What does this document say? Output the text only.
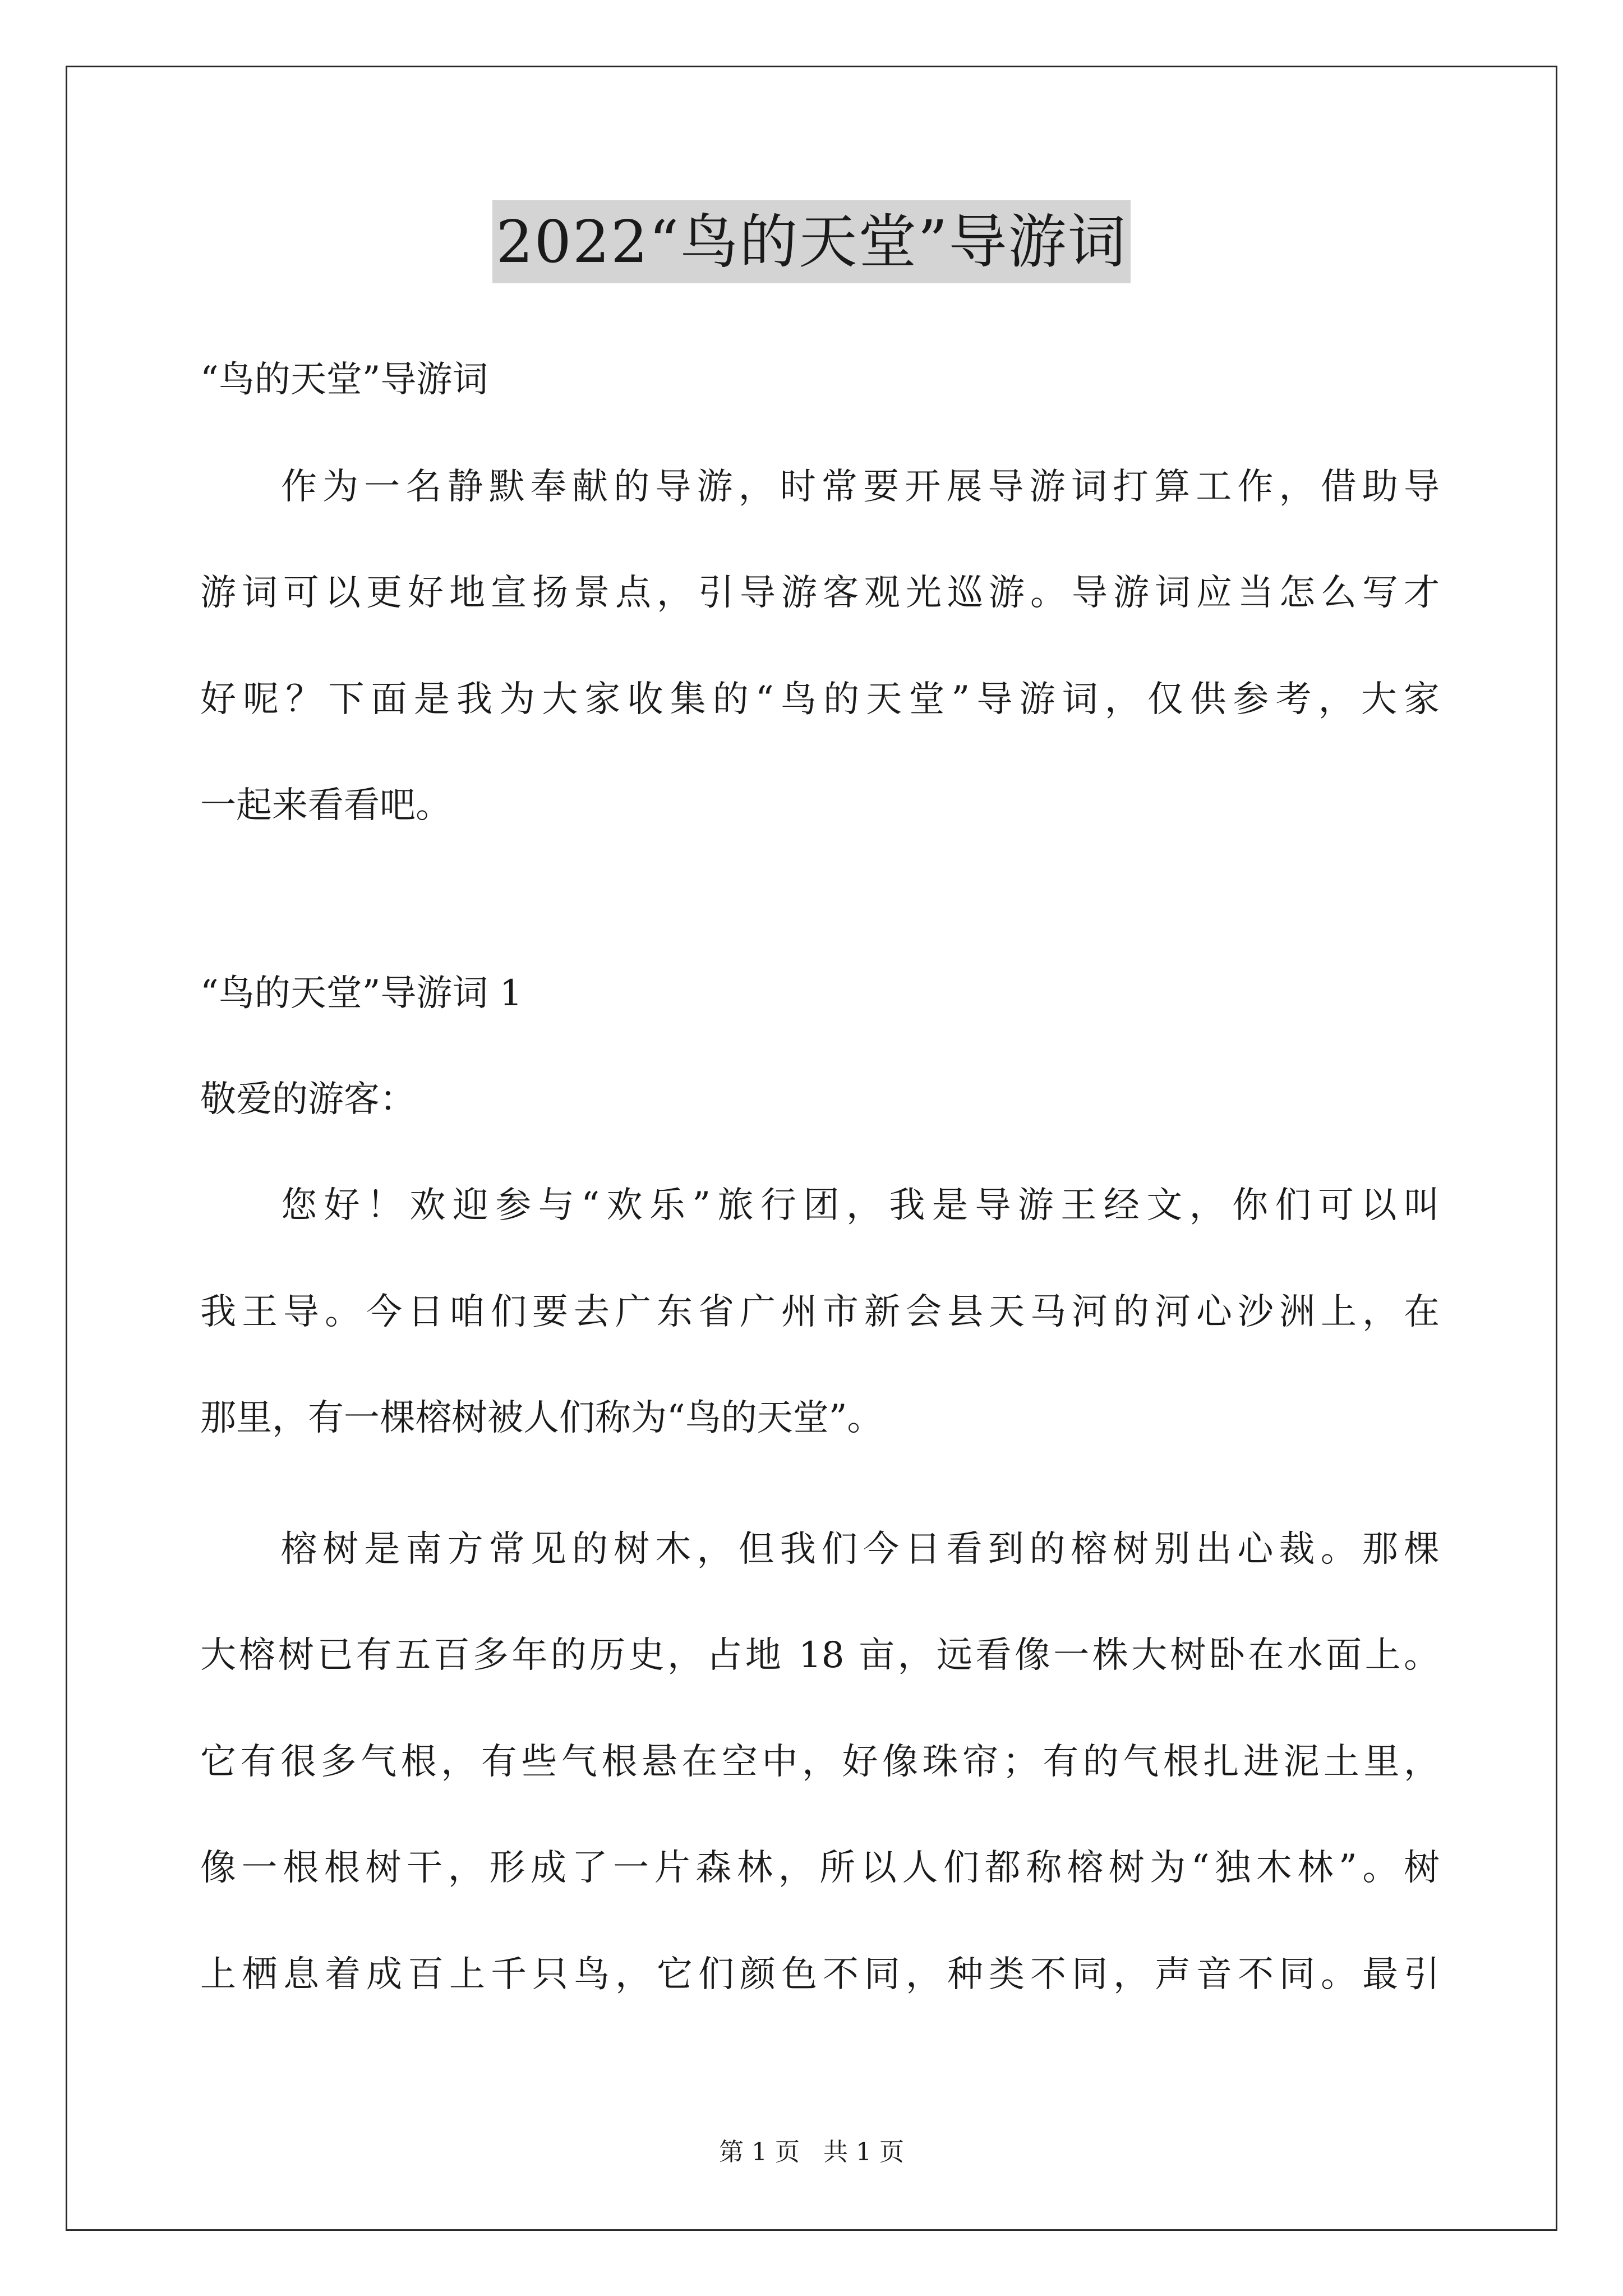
2022“鸟的天堂”导游词
“鸟的天堂”导游词
作为一名静默奉献的导游，时常要开展导游词打算工作，借助导
游词可以更好地宣扬景点，引导游客观光巡游。导游词应当怎么写才
好呢？下面是我为大家收集的“鸟的天堂”导游词，仅供参考，大家
一起来看看吧。
“鸟的天堂”导游词 1
敬爱的游客：
您好！欢迎参与“欢乐”旅行团，我是导游王经文，你们可以叫
我王导。今日咱们要去广东省广州市新会县天马河的河心沙洲上，在
那里，有一棵榕树被人们称为“鸟的天堂”。
榕树是南方常见的树木，但我们今日看到的榕树别出心裁。那棵
大榕树已有五百多年的历史，占地 18 亩，远看像一株大树卧在水面上。
它有很多气根，有些气根悬在空中，好像珠帘；有的气根扎进泥土里，
像一根根树干，形成了一片森林，所以人们都称榕树为“独木林”。树
上栖息着成百上千只鸟，它们颜色不同，种类不同，声音不同。最引
第 1 页   共 1 页
